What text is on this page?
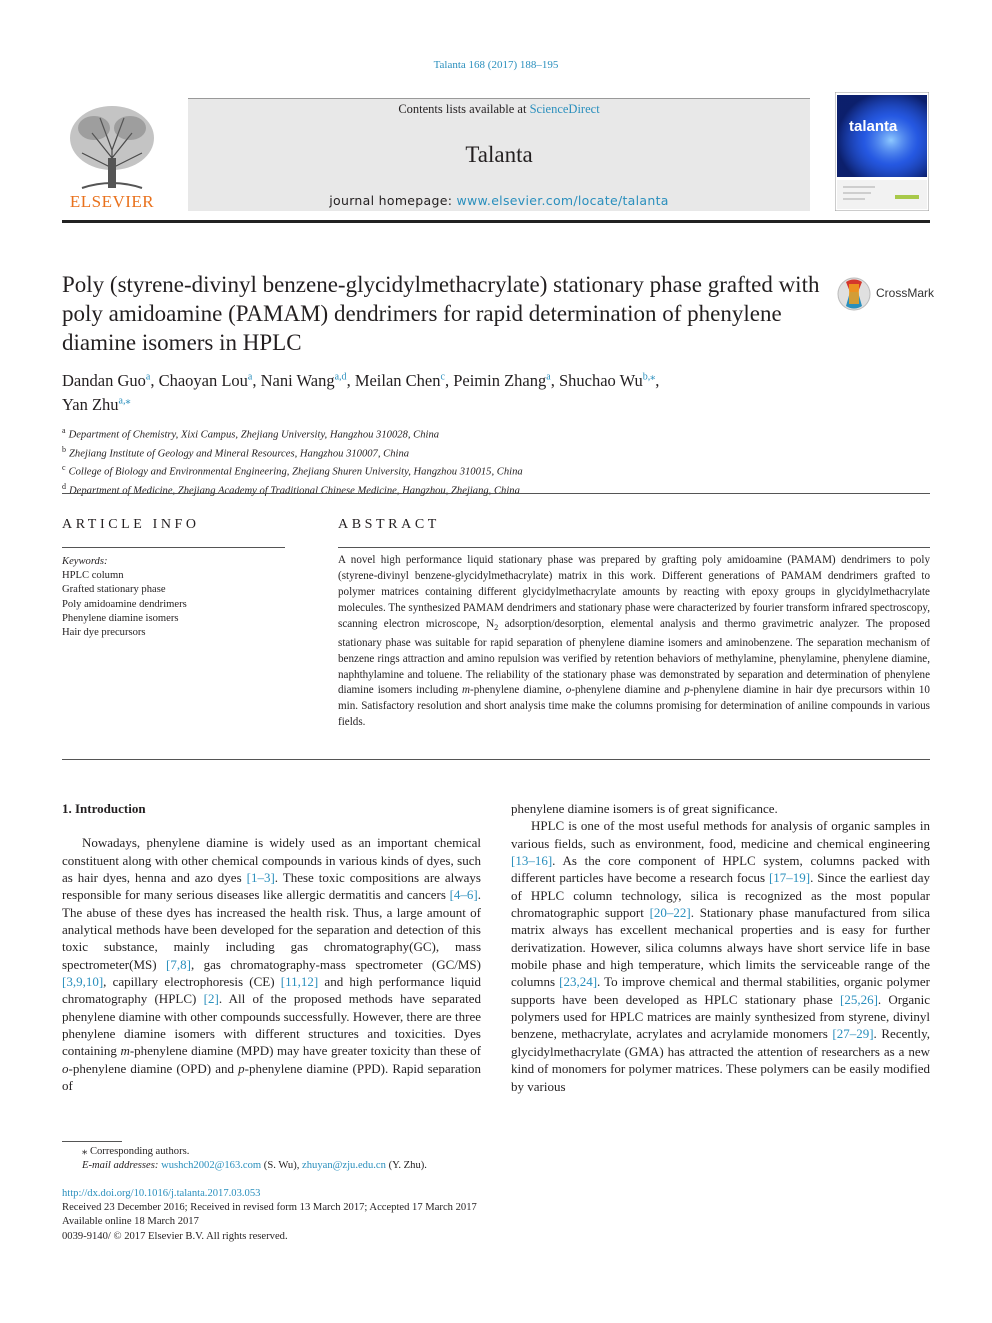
Talanta 168 (2017) 188–195
ELSEVIER
Contents lists available at ScienceDirect
Talanta
journal homepage: www.elsevier.com/locate/talanta
talanta
Poly (styrene-divinyl benzene-glycidylmethacrylate) stationary phase grafted with poly amidoamine (PAMAM) dendrimers for rapid determination of phenylene diamine isomers in HPLC
CrossMark
Dandan Guo$^a$, Chaoyan Lou$^a$, Nani Wang$^{a,d}$, Meilan Chen$^c$, Peimin Zhang$^a$, Shuchao $Wu^{b,⁎}$,
Yan Zhu$^{a,⁎}$
$^a$ Department of Chemistry, Xixi Campus, Zhejiang University, Hangzhou 310028, China
$^b$ Zhejiang Institute of Geology and Mineral Resources, Hangzhou 310007, China
$^c$ College of Biology and Environmental Engineering, Zhejiang Shuren University, Hangzhou 310015, China
$^d$ Department of Medicine, Zhejiang Academy of Traditional Chinese Medicine, Hangzhou, Zhejiang, China
ARTICLE INFO
Keywords:
HPLC column
Grafted stationary phase
Poly amidoamine dendrimers
Phenylene diamine isomers
Hair dye precursors
ABSTRACT
A novel high performance liquid stationary phase was prepared by grafting poly amidoamine (PAMAM) dendrimers to poly (styrene-divinyl benzene-glycidylmethacrylate) matrix in this work. Different generations of PAMAM dendrimers grafted to polymer matrices containing different glycidylmethacrylate amounts by reacting with epoxy groups in glycidylmethacrylate molecules. The synthesized PAMAM dendrimers and stationary phase were characterized by fourier transform infrared spectroscopy, scanning electron microscope, $N_2$ adsorption/desorption, elemental analysis and thermo gravimetric analyzer. The proposed stationary phase was suitable for rapid separation of phenylene diamine isomers and aminobenzene. The separation mechanism of benzene rings attraction and amino repulsion was verified by retention behaviors of methylamine, phenylamine, phenylene diamine, naphthylamine and toluene. The reliability of the stationary phase was demonstrated by separation and determination of phenylene diamine isomers including m-phenylene diamine, o-phenylene diamine and p-phenylene diamine in hair dye precursors within 10 min. Satisfactory resolution and short analysis time make the columns promising for determination of aniline compounds in various fields.
1. Introduction

Nowadays, phenylene diamine is widely used as an important chemical constituent along with other chemical compounds in various kinds of dyes, such as hair dyes, henna and azo dyes [1–3]. These toxic compositions are always responsible for many serious diseases like allergic dermatitis and cancers [4–6]. The abuse of these dyes has increased the health risk. Thus, a large amount of analytical methods have been developed for the separation and detection of this toxic substance, mainly including gas chromatography(GC), mass spectrometer(MS) [7,8], gas chromatography-mass spectrometer (GC/MS) [3,9,10], capillary electrophoresis (CE) [11,12] and high performance liquid chromatography (HPLC) [2]. All of the proposed methods have separated phenylene diamine with other compounds successfully. However, there are three phenylene diamine isomers with different structures and toxicities. Dyes containing m-phenylene diamine (MPD) may have greater toxicity than these of o-phenylene diamine (OPD) and p-phenylene diamine (PPD). Rapid separation of

phenylene diamine isomers is of great significance.

HPLC is one of the most useful methods for analysis of organic samples in various fields, such as environment, food, medicine and chemical engineering [13–16]. As the core component of HPLC system, columns packed with different particles have become a research focus [17–19]. Since the earliest day of HPLC column technology, silica is recognized as the most popular chromatographic support [20–22]. Stationary phase manufactured from silica matrix always has excellent mechanical properties and is easy for further derivatization. However, silica columns always have short service life in base mobile phase and high temperature, which limits the serviceable range of the columns [23,24]. To improve chemical and thermal stabilities, organic polymer supports have been developed as HPLC stationary phase [25,26]. Organic polymers used for HPLC matrices are mainly synthesized from styrene, divinyl benzene, methacrylate, acrylates and acrylamide monomers [27–29]. Recently, glycidylmethacrylate (GMA) has attracted the attention of researchers as a new kind of monomers for polymer matrices. These polymers can be easily modified by various

⁎ Corresponding authors.
E-mail addresses: wushch2002@163.com (S. Wu), zhuyan@zju.edu.cn (Y. Zhu).
http://dx.doi.org/10.1016/j.talanta.2017.03.053
Received 23 December 2016; Received in revised form 13 March 2017; Accepted 17 March 2017
Available online 18 March 2017
0039-9140/ © 2017 Elsevier B.V. All rights reserved.
